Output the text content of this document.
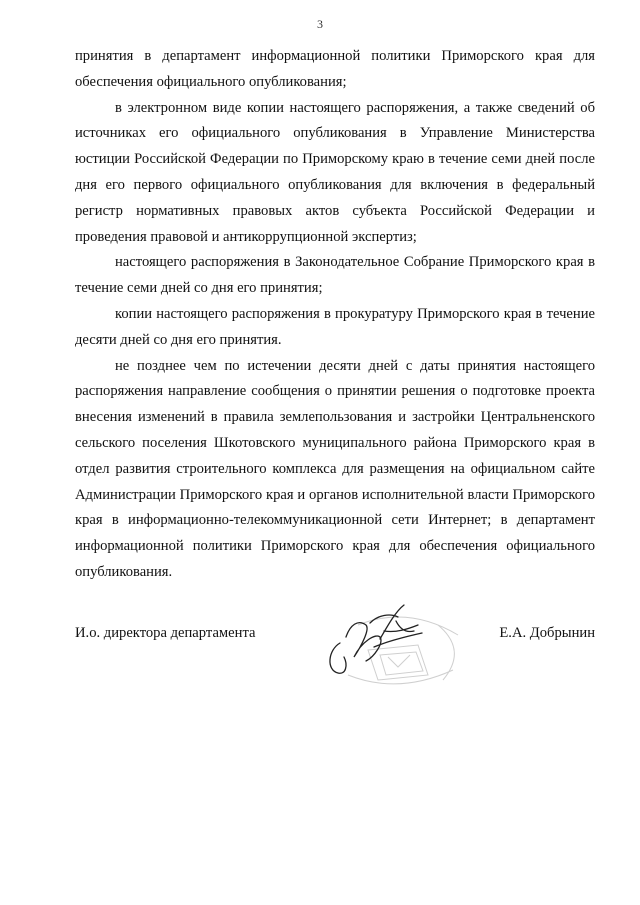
3

принятия в департамент информационной политики Приморского края для обеспечения официального опубликования;

в электронном виде копии настоящего распоряжения, а также сведений об источниках его официального опубликования в Управление Министерства юстиции Российской Федерации по Приморскому краю в течение семи дней после дня его первого официального опубликования для включения в федеральный регистр нормативных правовых актов субъекта Российской Федерации и проведения правовой и антикоррупционной экспертиз;

настоящего распоряжения в Законодательное Собрание Приморского края в течение семи дней со дня его принятия;

копии настоящего распоряжения в прокуратуру Приморского края в течение десяти дней со дня его принятия.

не позднее чем по истечении десяти дней с даты принятия настоящего распоряжения направление сообщения о принятии решения о подготовке проекта внесения изменений в правила землепользования и застройки Центральненского сельского поселения Шкотовского муниципального района Приморского края в отдел развития строительного комплекса для размещения на официальном сайте Администрации Приморского края и органов исполнительной власти Приморского края в информационно-телекоммуникационной сети Интернет; в департамент информационной политики Приморского края для обеспечения официального опубликования.

И.о. директора департамента	Е.А. Добрынин
